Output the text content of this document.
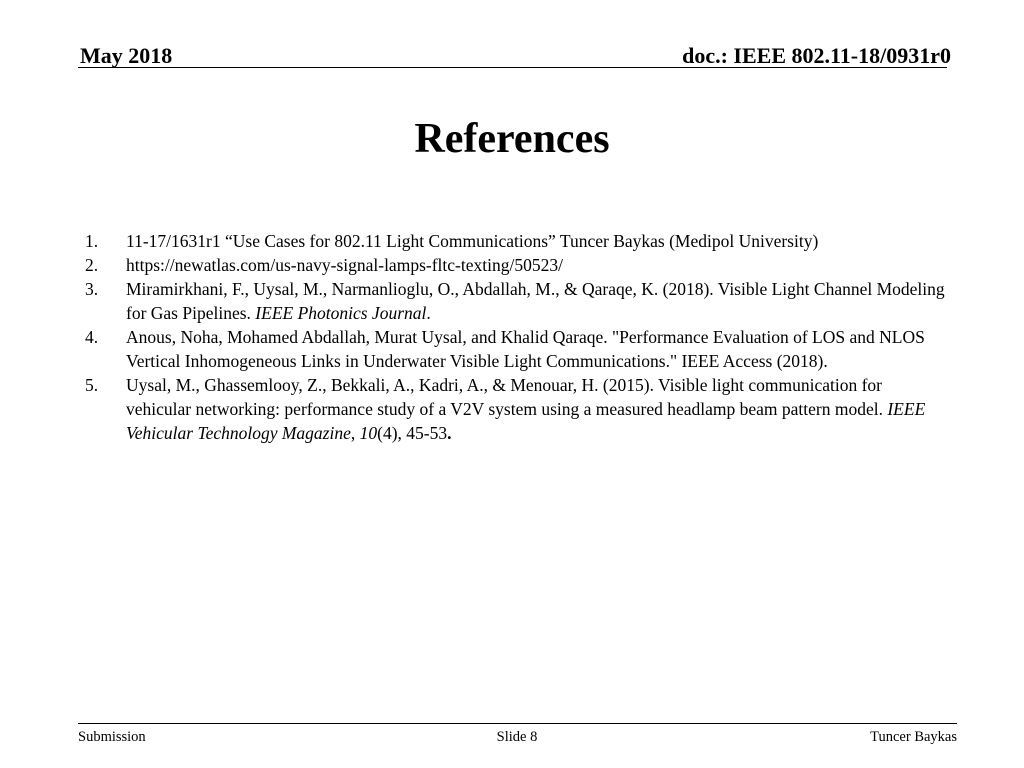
May 2018	doc.: IEEE 802.11-18/0931r0
References
1. 11-17/1631r1 “Use Cases for 802.11 Light Communications” Tuncer Baykas (Medipol University)
2. https://newatlas.com/us-navy-signal-lamps-fltc-texting/50523/
3. Miramirkhani, F., Uysal, M., Narmanlioglu, O., Abdallah, M., & Qaraqe, K. (2018). Visible Light Channel Modeling for Gas Pipelines. IEEE Photonics Journal.
4. Anous, Noha, Mohamed Abdallah, Murat Uysal, and Khalid Qaraqe. "Performance Evaluation of LOS and NLOS Vertical Inhomogeneous Links in Underwater Visible Light Communications." IEEE Access (2018).
5. Uysal, M., Ghassemlooy, Z., Bekkali, A., Kadri, A., & Menouar, H. (2015). Visible light communication for vehicular networking: performance study of a V2V system using a measured headlamp beam pattern model. IEEE Vehicular Technology Magazine, 10(4), 45-53.
Submission	Slide 8	Tuncer Baykas
